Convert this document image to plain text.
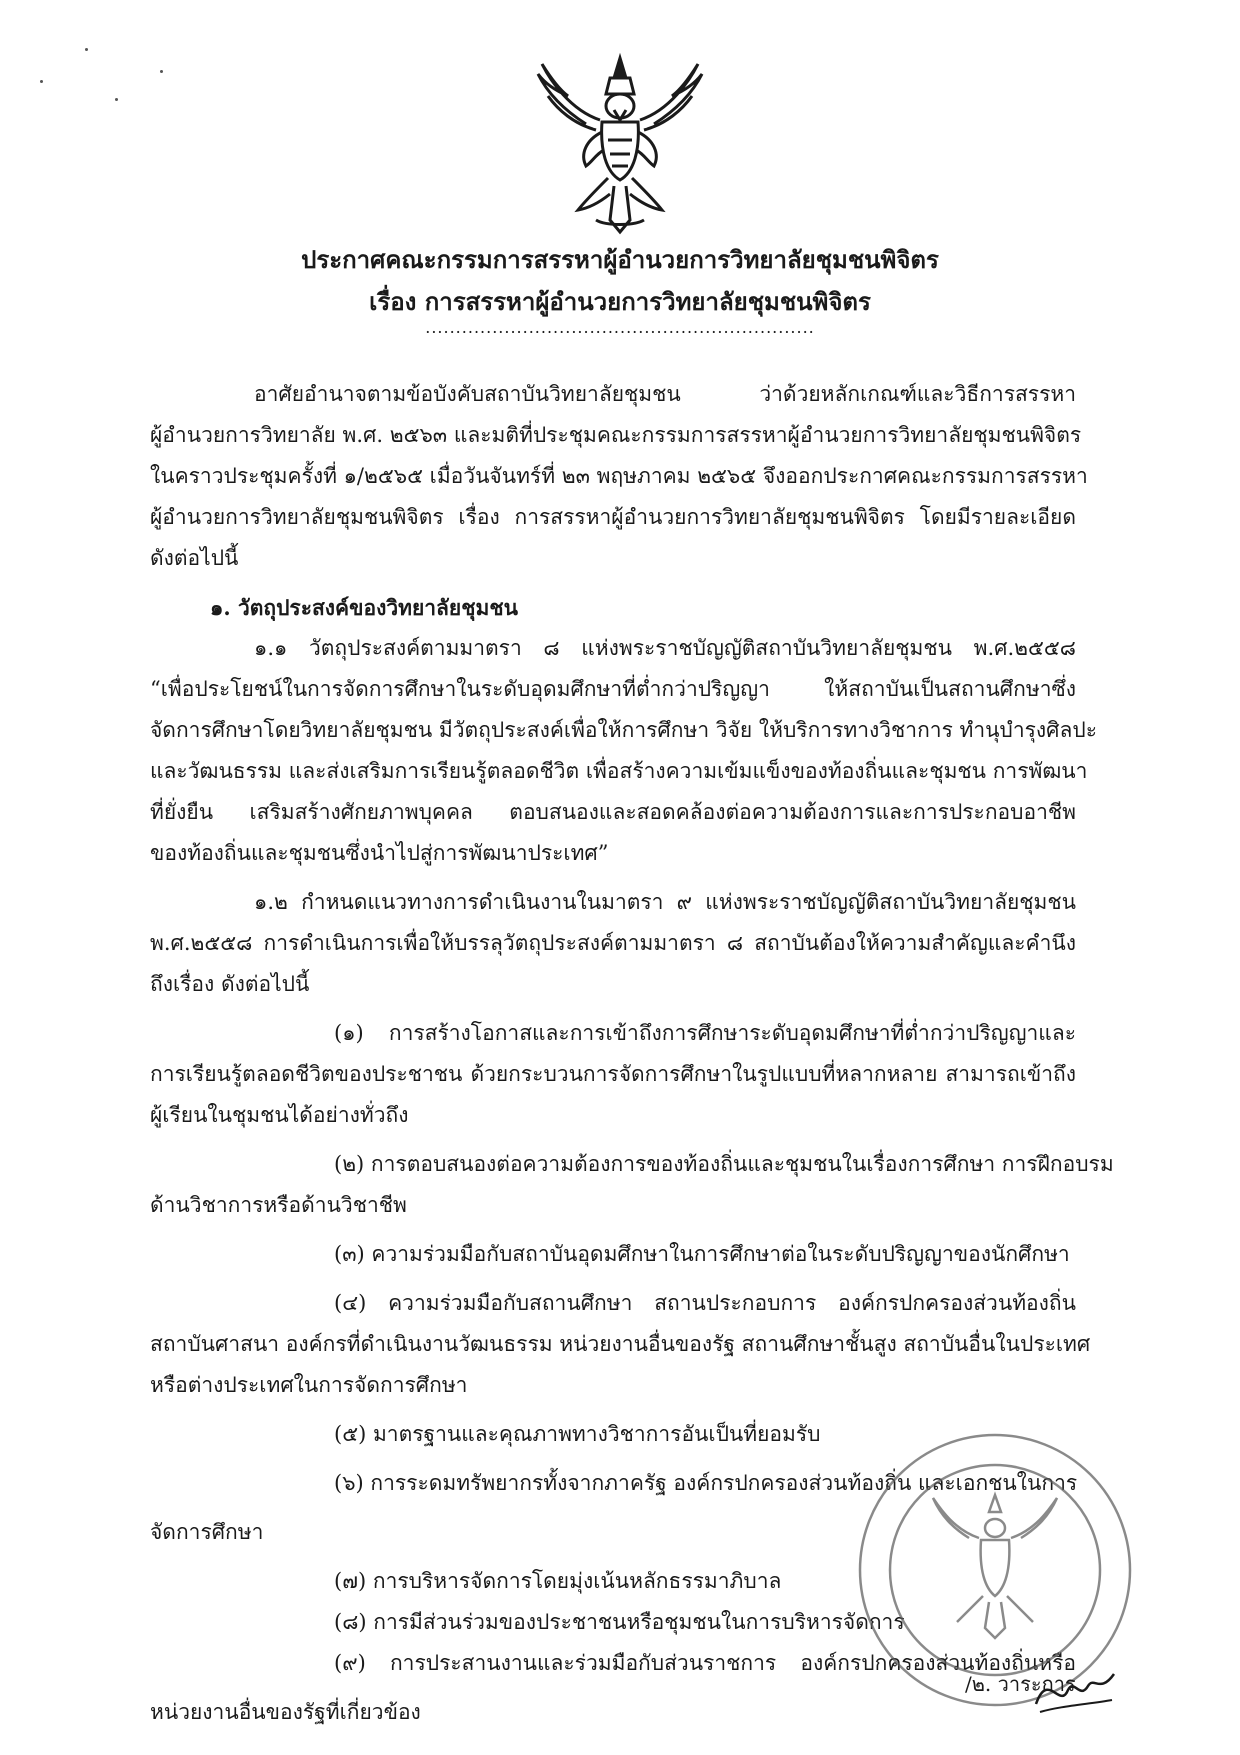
ประกาศคณะกรรมการสรรหาผู้อำนวยการวิทยาลัยชุมชนพิจิตร
เรื่อง การสรรหาผู้อำนวยการวิทยาลัยชุมชนพิจิตร
................................................................
อาศัยอำนาจตามข้อบังคับสถาบันวิทยาลัยชุมชน ว่าด้วยหลักเกณฑ์และวิธีการสรรหา
ผู้อำนวยการวิทยาลัย พ.ศ. ๒๕๖๓ และมติที่ประชุมคณะกรรมการสรรหาผู้อำนวยการวิทยาลัยชุมชนพิจิตร
ในคราวประชุมครั้งที่ ๑/๒๕๖๕ เมื่อวันจันทร์ที่ ๒๓ พฤษภาคม ๒๕๖๕ จึงออกประกาศคณะกรรมการสรรหา
ผู้อำนวยการวิทยาลัยชุมชนพิจิตร เรื่อง การสรรหาผู้อำนวยการวิทยาลัยชุมชนพิจิตร โดยมีรายละเอียด
ดังต่อไปนี้
๑. วัตถุประสงค์ของวิทยาลัยชุมชน
๑.๑ วัตถุประสงค์ตามมาตรา ๘ แห่งพระราชบัญญัติสถาบันวิทยาลัยชุมชน พ.ศ.๒๕๕๘
“เพื่อประโยชน์ในการจัดการศึกษาในระดับอุดมศึกษาที่ต่ำกว่าปริญญา ให้สถาบันเป็นสถานศึกษาซึ่ง
จัดการศึกษาโดยวิทยาลัยชุมชน มีวัตถุประสงค์เพื่อให้การศึกษา วิจัย ให้บริการทางวิชาการ ทำนุบำรุงศิลปะ
และวัฒนธรรม และส่งเสริมการเรียนรู้ตลอดชีวิต เพื่อสร้างความเข้มแข็งของท้องถิ่นและชุมชน การพัฒนา
ที่ยั่งยืน เสริมสร้างศักยภาพบุคคล ตอบสนองและสอดคล้องต่อความต้องการและการประกอบอาชีพ
ของท้องถิ่นและชุมชนซึ่งนำไปสู่การพัฒนาประเทศ”
๑.๒ กำหนดแนวทางการดำเนินงานในมาตรา ๙ แห่งพระราชบัญญัติสถาบันวิทยาลัยชุมชน
พ.ศ.๒๕๕๘ การดำเนินการเพื่อให้บรรลุวัตถุประสงค์ตามมาตรา ๘ สถาบันต้องให้ความสำคัญและคำนึง
ถึงเรื่อง ดังต่อไปนี้
(๑) การสร้างโอกาสและการเข้าถึงการศึกษาระดับอุดมศึกษาที่ต่ำกว่าปริญญาและ
การเรียนรู้ตลอดชีวิตของประชาชน ด้วยกระบวนการจัดการศึกษาในรูปแบบที่หลากหลาย สามารถเข้าถึง
ผู้เรียนในชุมชนได้อย่างทั่วถึง
(๒) การตอบสนองต่อความต้องการของท้องถิ่นและชุมชนในเรื่องการศึกษา การฝึกอบรม
ด้านวิชาการหรือด้านวิชาชีพ
(๓) ความร่วมมือกับสถาบันอุดมศึกษาในการศึกษาต่อในระดับปริญญาของนักศึกษา
(๔) ความร่วมมือกับสถานศึกษา สถานประกอบการ องค์กรปกครองส่วนท้องถิ่น
สถาบันศาสนา องค์กรที่ดำเนินงานวัฒนธรรม หน่วยงานอื่นของรัฐ สถานศึกษาชั้นสูง สถาบันอื่นในประเทศ
หรือต่างประเทศในการจัดการศึกษา
(๕) มาตรฐานและคุณภาพทางวิชาการอันเป็นที่ยอมรับ
(๖) การระดมทรัพยากรทั้งจากภาครัฐ องค์กรปกครองส่วนท้องถิ่น และเอกชนในการ
จัดการศึกษา
(๗) การบริหารจัดการโดยมุ่งเน้นหลักธรรมาภิบาล
(๘) การมีส่วนร่วมของประชาชนหรือชุมชนในการบริหารจัดการ
(๙) การประสานงานและร่วมมือกับส่วนราชการ องค์กรปกครองส่วนท้องถิ่นหรือ
หน่วยงานอื่นของรัฐที่เกี่ยวข้อง
/๒. วาระการ
